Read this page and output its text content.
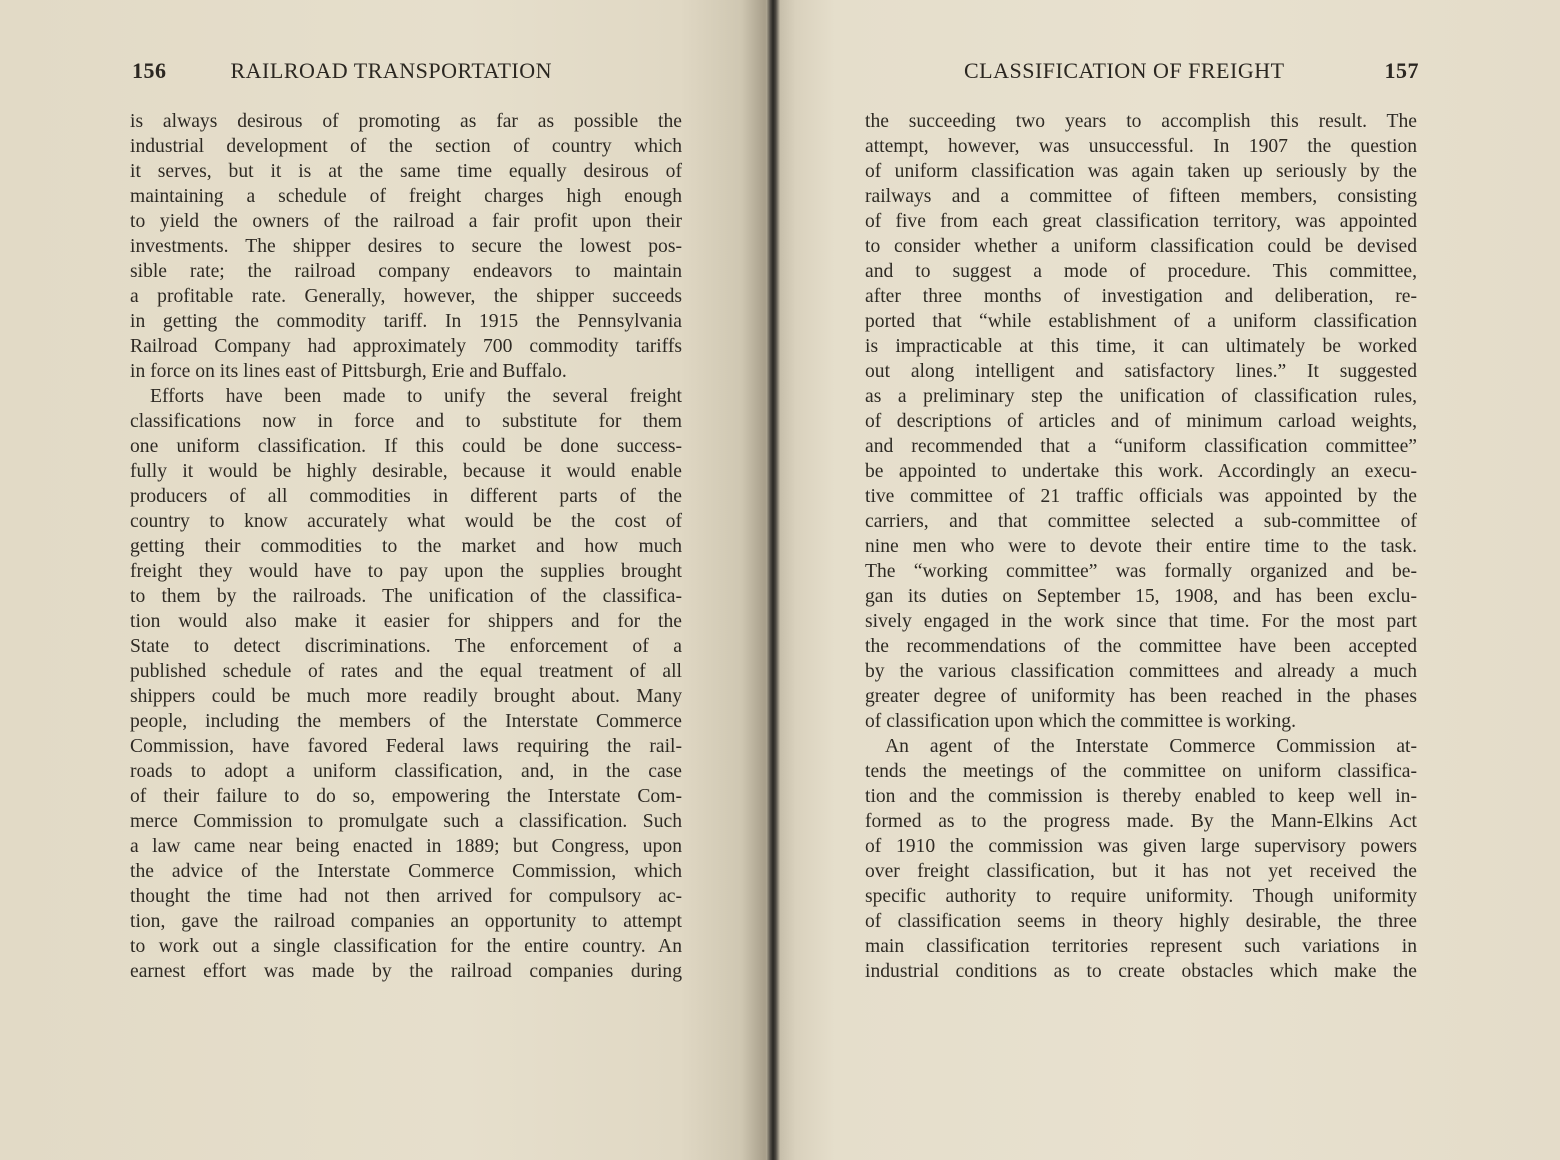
156	RAILROAD TRANSPORTATION
is always desirous of promoting as far as possible the
industrial development of the section of country which
it serves, but it is at the same time equally desirous of
maintaining a schedule of freight charges high enough
to yield the owners of the railroad a fair profit upon their
investments. The shipper desires to secure the lowest pos-
sible rate; the railroad company endeavors to maintain
a profitable rate. Generally, however, the shipper succeeds
in getting the commodity tariff. In 1915 the Pennsylvania
Railroad Company had approximately 700 commodity tariffs
in force on its lines east of Pittsburgh, Erie and Buffalo.
Efforts have been made to unify the several freight
classifications now in force and to substitute for them
one uniform classification. If this could be done success-
fully it would be highly desirable, because it would enable
producers of all commodities in different parts of the
country to know accurately what would be the cost of
getting their commodities to the market and how much
freight they would have to pay upon the supplies brought
to them by the railroads. The unification of the classifica-
tion would also make it easier for shippers and for the
State to detect discriminations. The enforcement of a
published schedule of rates and the equal treatment of all
shippers could be much more readily brought about. Many
people, including the members of the Interstate Commerce
Commission, have favored Federal laws requiring the rail-
roads to adopt a uniform classification, and, in the case
of their failure to do so, empowering the Interstate Com-
merce Commission to promulgate such a classification. Such
a law came near being enacted in 1889; but Congress, upon
the advice of the Interstate Commerce Commission, which
thought the time had not then arrived for compulsory ac-
tion, gave the railroad companies an opportunity to attempt
to work out a single classification for the entire country. An
earnest effort was made by the railroad companies during
CLASSIFICATION OF FREIGHT	157
the succeeding two years to accomplish this result. The
attempt, however, was unsuccessful. In 1907 the question
of uniform classification was again taken up seriously by the
railways and a committee of fifteen members, consisting
of five from each great classification territory, was appointed
to consider whether a uniform classification could be devised
and to suggest a mode of procedure. This committee,
after three months of investigation and deliberation, re-
ported that “while establishment of a uniform classification
is impracticable at this time, it can ultimately be worked
out along intelligent and satisfactory lines.” It suggested
as a preliminary step the unification of classification rules,
of descriptions of articles and of minimum carload weights,
and recommended that a “uniform classification committee”
be appointed to undertake this work. Accordingly an execu-
tive committee of 21 traffic officials was appointed by the
carriers, and that committee selected a sub-committee of
nine men who were to devote their entire time to the task.
The “working committee” was formally organized and be-
gan its duties on September 15, 1908, and has been exclu-
sively engaged in the work since that time. For the most part
the recommendations of the committee have been accepted
by the various classification committees and already a much
greater degree of uniformity has been reached in the phases
of classification upon which the committee is working.
An agent of the Interstate Commerce Commission at-
tends the meetings of the committee on uniform classifica-
tion and the commission is thereby enabled to keep well in-
formed as to the progress made. By the Mann-Elkins Act
of 1910 the commission was given large supervisory powers
over freight classification, but it has not yet received the
specific authority to require uniformity. Though uniformity
of classification seems in theory highly desirable, the three
main classification territories represent such variations in
industrial conditions as to create obstacles which make the
